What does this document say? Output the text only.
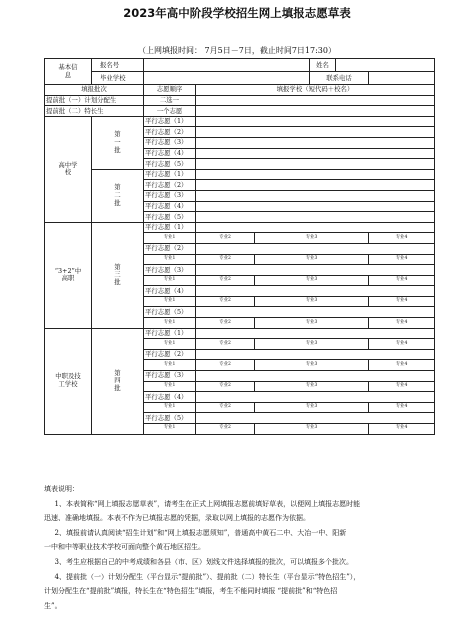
2023年高中阶段学校招生网上填报志愿草表
（上网填报时间： 7月5日－7日，截止时间7日17:30）
基本信息	报名号				姓名		
	毕业学校				联系电话		
填报批次		志愿顺序	填报学校（短代码＋校名）				
提前批（一）计划分配生		二选一					
提前批（二）特长生		一个志愿					
高中学校	第一批	平行志愿（1）					
		平行志愿（2）					
		平行志愿（3）					
		平行志愿（4）					
		平行志愿（5）					
	第二批	平行志愿（1）					
		平行志愿（2）					
		平行志愿（3）					
		平行志愿（4）					
		平行志愿（5）					
“3+2”中高职	第三批	平行志愿（1）					
		专业1	专业2	专业3			专业4
		平行志愿（2）					
		专业1	专业2	专业3			专业4
		平行志愿（3）					
		专业1	专业2	专业3			专业4
		平行志愿（4）					
		专业1	专业2	专业3			专业4
		平行志愿（5）					
		专业1	专业2	专业3			专业4
中职及技工学校	第四批	平行志愿（1）					
		专业1	专业2	专业3			专业4
		平行志愿（2）					
		专业1	专业2	专业3			专业4
		平行志愿（3）					
		专业1	专业2	专业3			专业4
		平行志愿（4）					
		专业1	专业2	专业3			专业4
		平行志愿（5）					
		专业1	专业2	专业3			专业4

填表说明：

1、本表简称“网上填报志愿草表”，请考生在正式上网填报志愿前填好草表，以便网上填报志愿时能

迅速、准确地填报。本表不作为已填报志愿的凭据，录取以网上填报的志愿作为依据。

2、填报前请认真阅读“招生计划”和“网上填报志愿须知”，普通高中黄石二中、大冶一中、阳新

一中和中等职业技术学校可面向整个黄石地区招生。

3、考生应根据自己的中考成绩和各县（市、区）划线文件选择填报的批次，可以填报多个批次。

4、提前批（一）计划分配生（平台显示“提前批”）、提前批（二）特长生（平台显示“特色招生”），

计划分配生在“提前批”填报，特长生在“特色招生”填报，考生不能同时填报 “提前批”和“特色招

生”。
